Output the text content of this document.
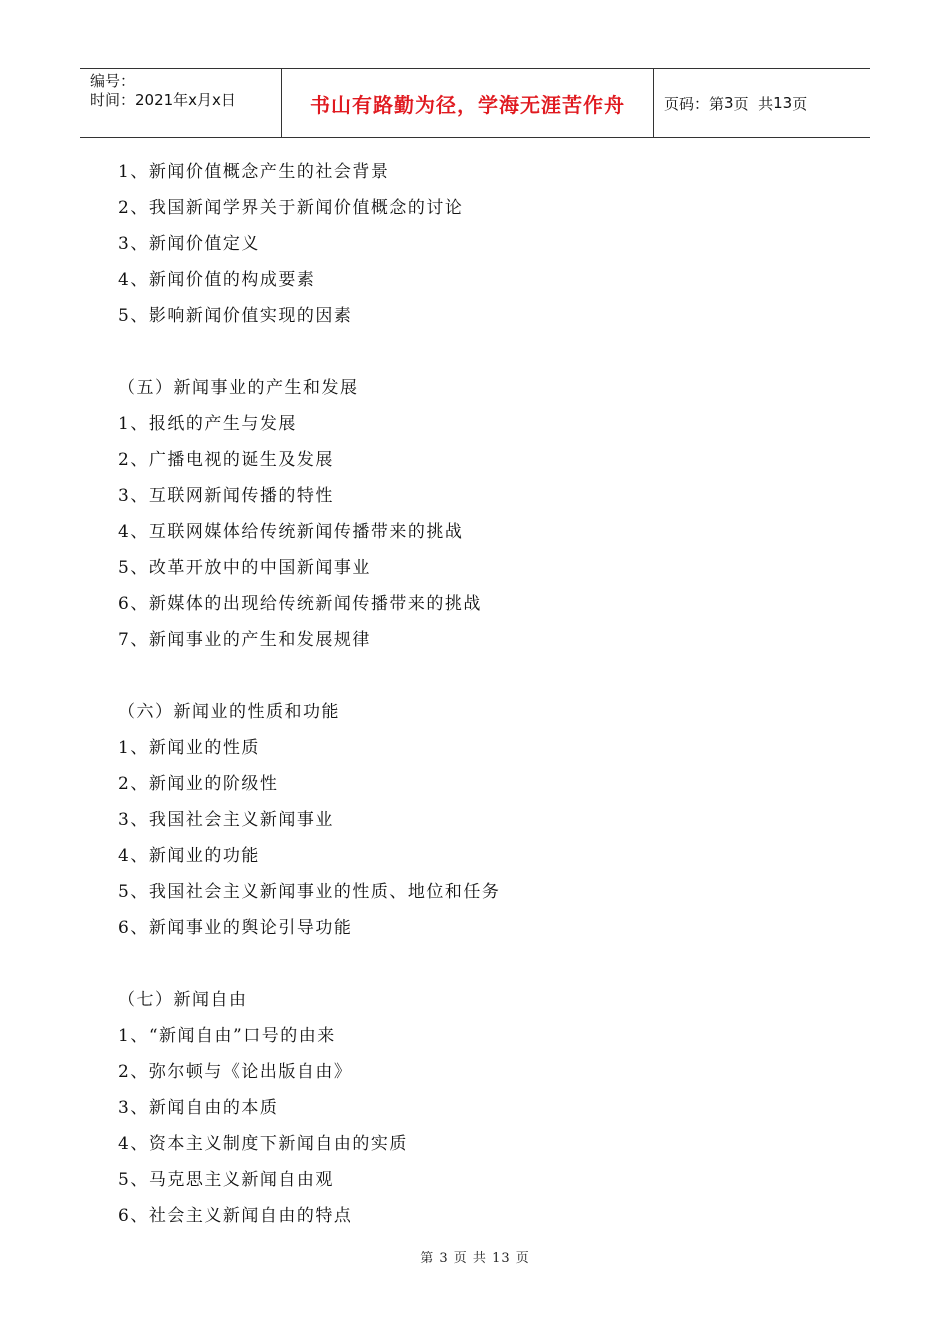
编号：
时间：2021年x月x日	书山有路勤为径，学海无涯苦作舟	页码：第 3 页  共 13 页
1、新闻价值概念产生的社会背景
2、我国新闻学界关于新闻价值概念的讨论
3、新闻价值定义
4、新闻价值的构成要素
5、影响新闻价值实现的因素
（五）新闻事业的产生和发展
1、报纸的产生与发展
2、广播电视的诞生及发展
3、互联网新闻传播的特性
4、互联网媒体给传统新闻传播带来的挑战
5、改革开放中的中国新闻事业
6、新媒体的出现给传统新闻传播带来的挑战
7、新闻事业的产生和发展规律
（六）新闻业的性质和功能
1、新闻业的性质
2、新闻业的阶级性
3、我国社会主义新闻事业
4、新闻业的功能
5、我国社会主义新闻事业的性质、地位和任务
6、新闻事业的舆论引导功能
（七）新闻自由
1、“新闻自由”口号的由来
2、弥尔顿与《论出版自由》
3、新闻自由的本质
4、资本主义制度下新闻自由的实质
5、马克思主义新闻自由观
6、社会主义新闻自由的特点
第 3 页 共 13 页
